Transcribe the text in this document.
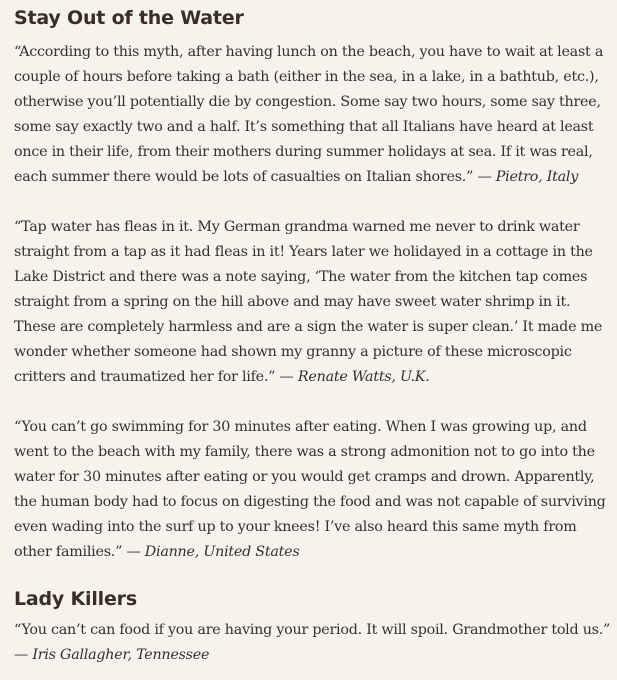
Stay Out of the Water

“According to this myth, after having lunch on the beach, you have to wait at least a couple of hours before taking a bath (either in the sea, in a lake, in a bathtub, etc.), otherwise you’ll potentially die by congestion. Some say two hours, some say three, some say exactly two and a half. It’s something that all Italians have heard at least once in their life, from their mothers during summer holidays at sea. If it was real, each summer there would be lots of casualties on Italian shores.” — Pietro, Italy

“Tap water has fleas in it. My German grandma warned me never to drink water straight from a tap as it had fleas in it! Years later we holidayed in a cottage in the Lake District and there was a note saying, ‘The water from the kitchen tap comes straight from a spring on the hill above and may have sweet water shrimp in it. These are completely harmless and are a sign the water is super clean.’ It made me wonder whether someone had shown my granny a picture of these microscopic critters and traumatized her for life.” — Renate Watts, U.K.

“You can’t go swimming for 30 minutes after eating. When I was growing up, and went to the beach with my family, there was a strong admonition not to go into the water for 30 minutes after eating or you would get cramps and drown. Apparently, the human body had to focus on digesting the food and was not capable of surviving even wading into the surf up to your knees! I’ve also heard this same myth from other families.” — Dianne, United States

Lady Killers

“You can’t can food if you are having your period. It will spoil. Grandmother told us.” — Iris Gallagher, Tennessee
